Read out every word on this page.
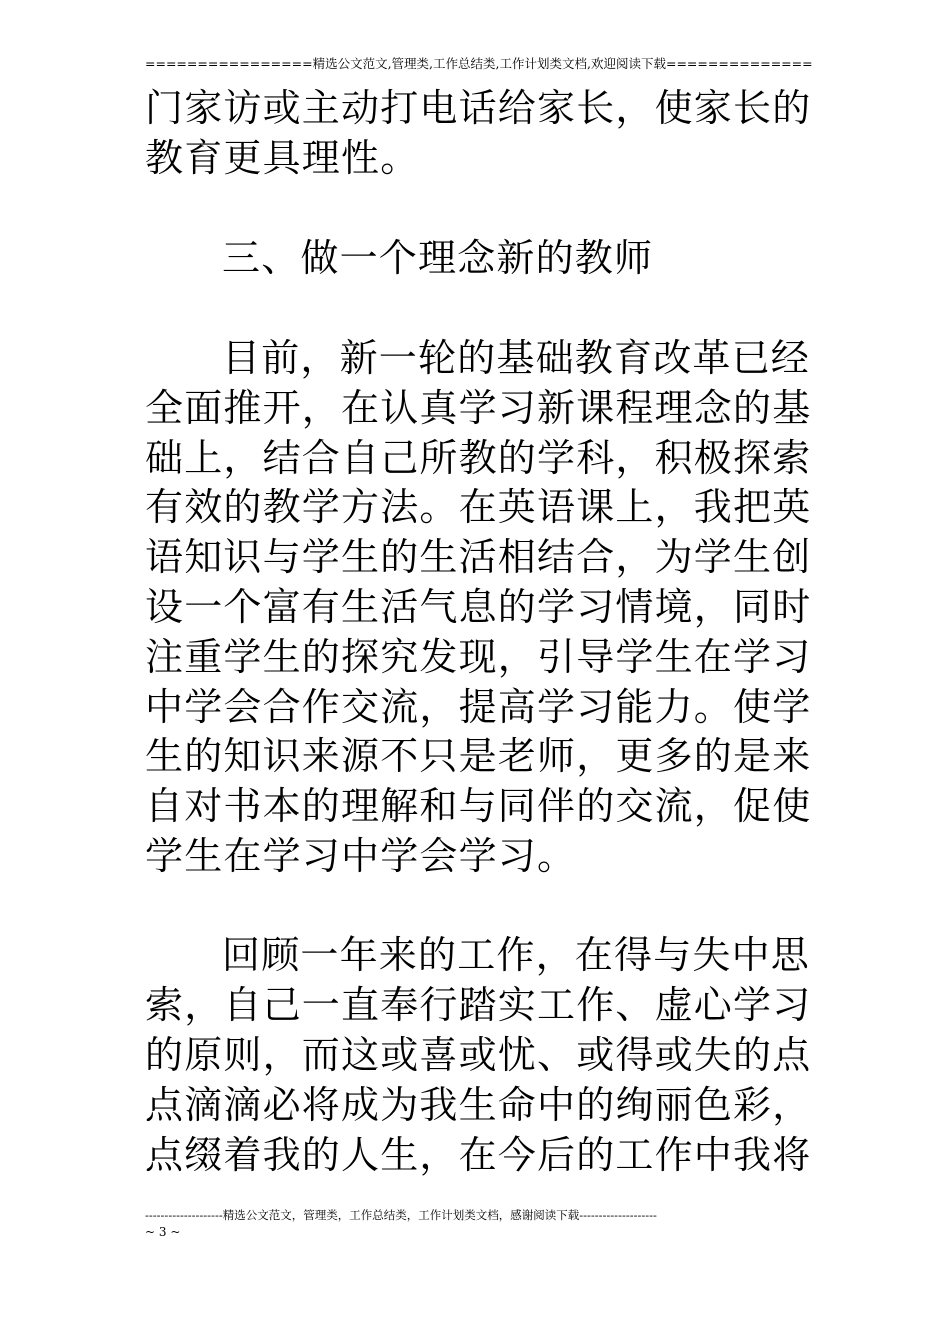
================精选公文范文,管理类,工作总结类,工作计划类文档,欢迎阅读下载==============
门家访或主动打电话给家长，使家长的
教育更具理性。
三、做一个理念新的教师
目前，新一轮的基础教育改革已经
全面推开，在认真学习新课程理念的基
础上，结合自己所教的学科，积极探索
有效的教学方法。在英语课上，我把英
语知识与学生的生活相结合，为学生创
设一个富有生活气息的学习情境，同时
注重学生的探究发现，引导学生在学习
中学会合作交流，提高学习能力。使学
生的知识来源不只是老师，更多的是来
自对书本的理解和与同伴的交流，促使
学生在学习中学会学习。
回顾一年来的工作，在得与失中思
索，自己一直奉行踏实工作、虚心学习
的原则，而这或喜或忧、或得或失的点
点滴滴必将成为我生命中的绚丽色彩，
点缀着我的人生，在今后的工作中我将
--------------------精选公文范文，管理类，工作总结类，工作计划类文档，感谢阅读下载--------------------
~ 3 ~
